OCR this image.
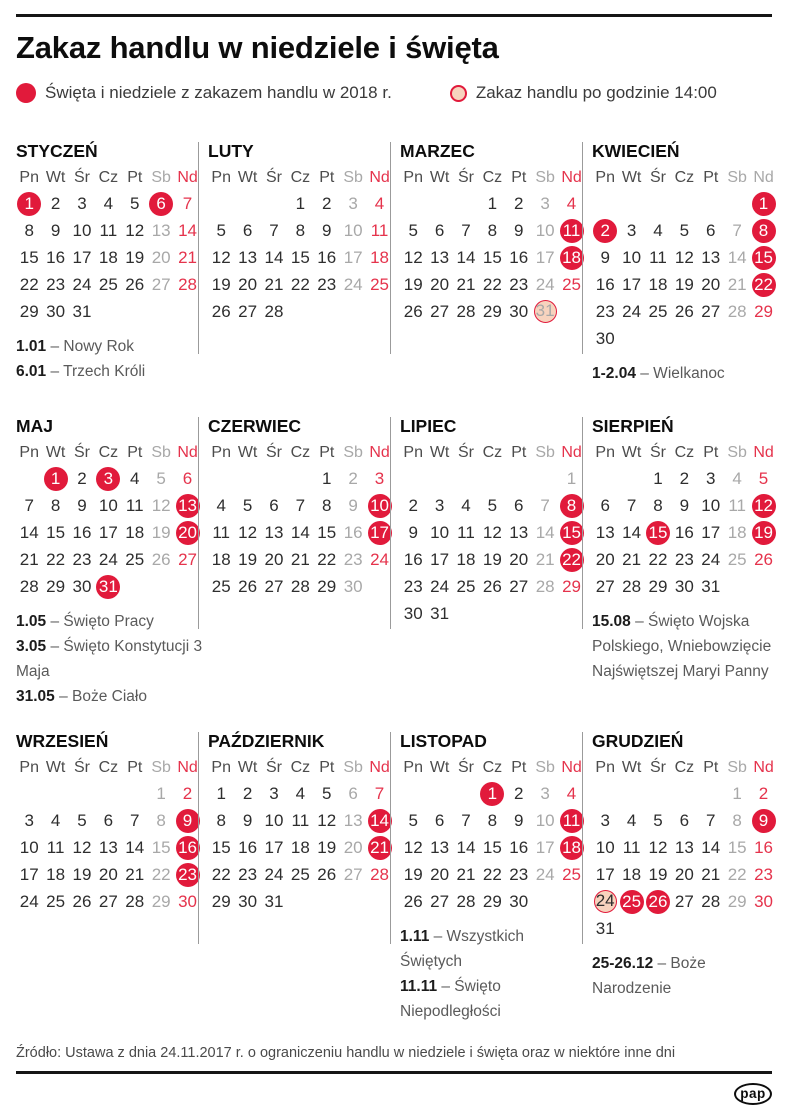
Zakaz handlu w niedziele i święta
Święta i niedziele z zakazem handlu w 2018 r.	Zakaz handlu po godzinie 14:00
STYCZEŃ
Pn Wt Śr Cz Pt Sb Nd
1 2 3 4 5 6 7
8 9 10 11 12 13 14
15 16 17 18 19 20 21
22 23 24 25 26 27 28
29 30 31
1.01 – Nowy Rok
6.01 – Trzech Króli
LUTY
Pn Wt Śr Cz Pt Sb Nd
1 2 3 4
5 6 7 8 9 10 11
12 13 14 15 16 17 18
19 20 21 22 23 24 25
26 27 28
MARZEC
Pn Wt Śr Cz Pt Sb Nd
1 2 3 4
5 6 7 8 9 10 11
12 13 14 15 16 17 18
19 20 21 22 23 24 25
26 27 28 29 30 31
KWIECIEŃ
Pn Wt Śr Cz Pt Sb Nd
1
2 3 4 5 6 7 8
9 10 11 12 13 14 15
16 17 18 19 20 21 22
23 24 25 26 27 28 29
30
1-2.04 – Wielkanoc
MAJ
Pn Wt Śr Cz Pt Sb Nd
1 2 3 4 5 6
7 8 9 10 11 12 13
14 15 16 17 18 19 20
21 22 23 24 25 26 27
28 29 30 31
1.05 – Święto Pracy
3.05 – Święto Konstytucji 3 Maja
31.05 – Boże Ciało
CZERWIEC
Pn Wt Śr Cz Pt Sb Nd
1 2 3
4 5 6 7 8 9 10
11 12 13 14 15 16 17
18 19 20 21 22 23 24
25 26 27 28 29 30
LIPIEC
Pn Wt Śr Cz Pt Sb Nd
1
2 3 4 5 6 7 8
9 10 11 12 13 14 15
16 17 18 19 20 21 22
23 24 25 26 27 28 29
30 31
SIERPIEŃ
Pn Wt Śr Cz Pt Sb Nd
1 2 3 4 5
6 7 8 9 10 11 12
13 14 15 16 17 18 19
20 21 22 23 24 25 26
27 28 29 30 31
15.08 – Święto Wojska Polskiego, Wniebowzięcie Najświętszej Maryi Panny
WRZESIEŃ
Pn Wt Śr Cz Pt Sb Nd
1 2
3 4 5 6 7 8 9
10 11 12 13 14 15 16
17 18 19 20 21 22 23
24 25 26 27 28 29 30
PAŹDZIERNIK
Pn Wt Śr Cz Pt Sb Nd
1 2 3 4 5 6 7
8 9 10 11 12 13 14
15 16 17 18 19 20 21
22 23 24 25 26 27 28
29 30 31
LISTOPAD
Pn Wt Śr Cz Pt Sb Nd
1 2 3 4
5 6 7 8 9 10 11
12 13 14 15 16 17 18
19 20 21 22 23 24 25
26 27 28 29 30
1.11 – Wszystkich Świętych
11.11 – Święto Niepodległości
GRUDZIEŃ
Pn Wt Śr Cz Pt Sb Nd
1 2
3 4 5 6 7 8 9
10 11 12 13 14 15 16
17 18 19 20 21 22 23
24 25 26 27 28 29 30
31
25-26.12 – Boże Narodzenie
Źródło: Ustawa z dnia 24.11.2017 r. o ograniczeniu handlu w niedziele i święta oraz w niektóre inne dni
pap
